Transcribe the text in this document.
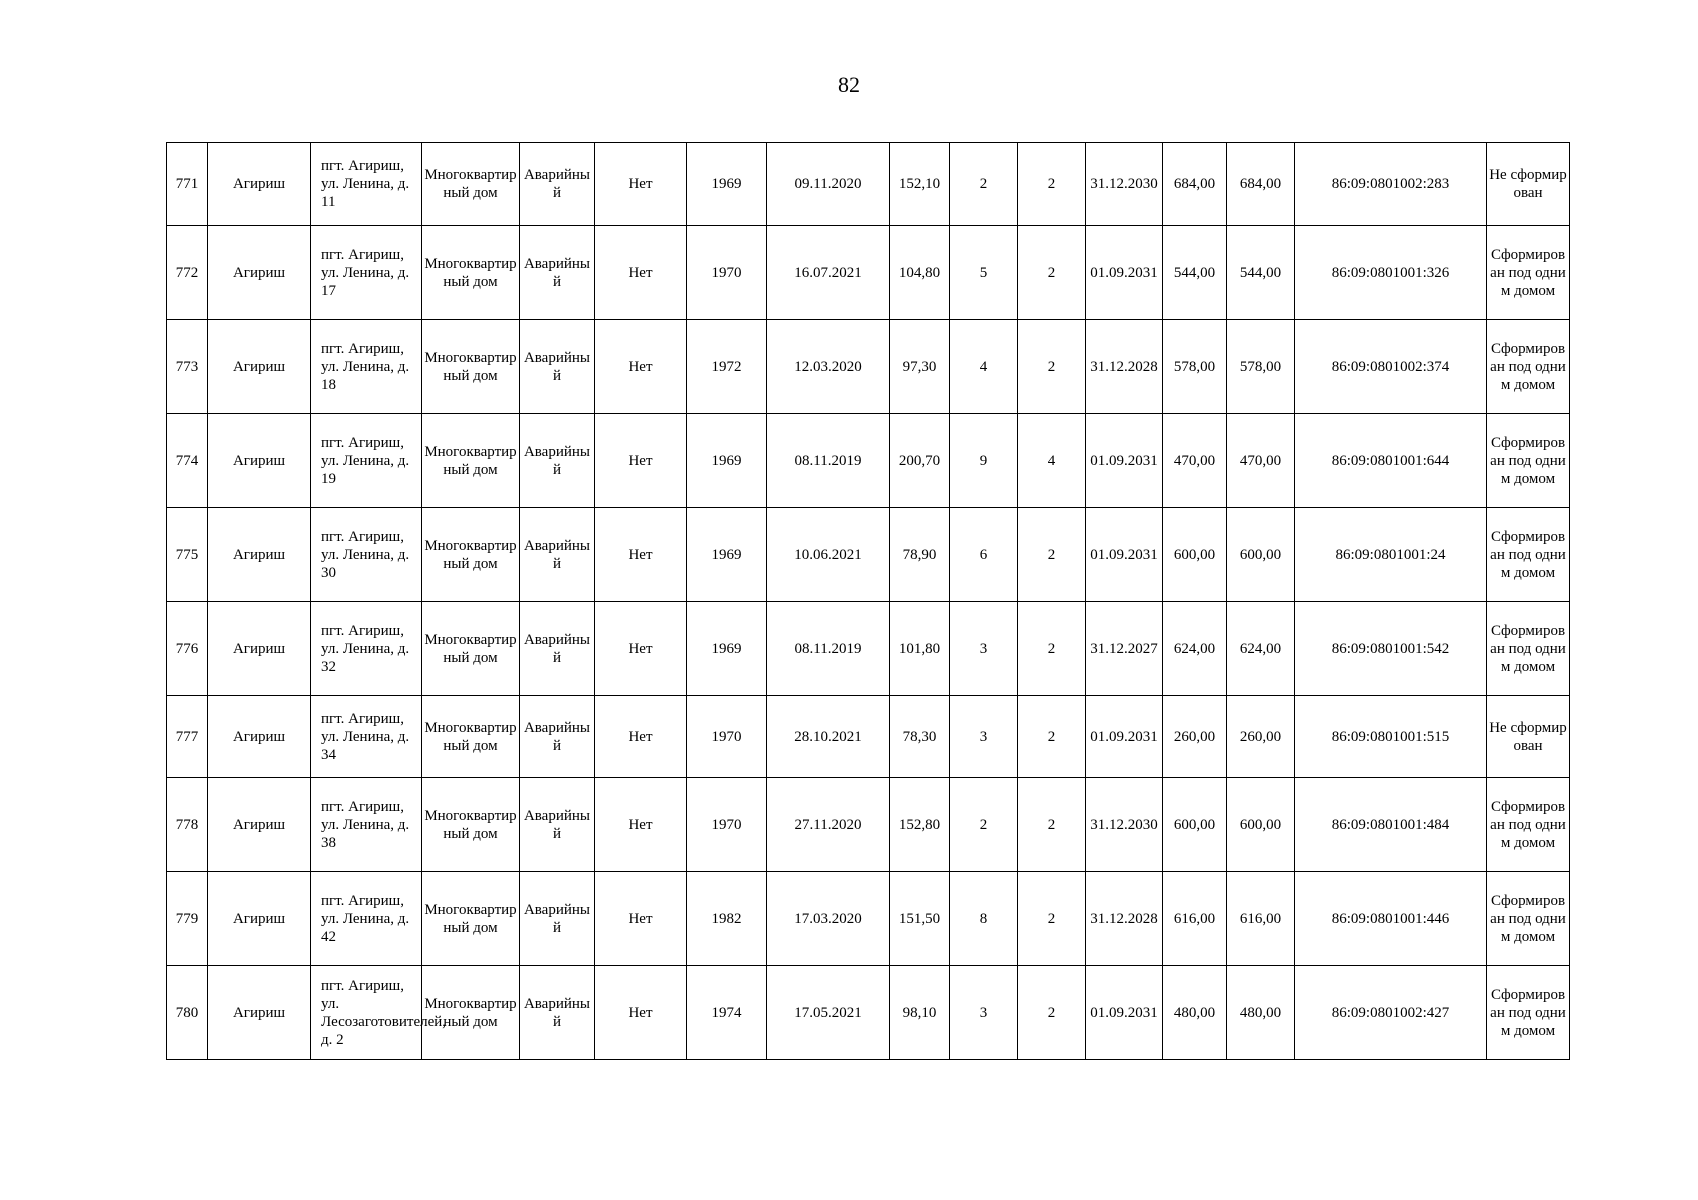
82
771	Агириш	пгт. Агириш, ул. Ленина, д. 11	Многоквартирный дом	Аварийный	Нет	1969	09.11.2020	152,10	2	2	31.12.2030	684,00	684,00	86:09:0801002:283	Не сформирован
772	Агириш	пгт. Агириш, ул. Ленина, д. 17	Многоквартирный дом	Аварийный	Нет	1970	16.07.2021	104,80	5	2	01.09.2031	544,00	544,00	86:09:0801001:326	Сформирован под одним домом
773	Агириш	пгт. Агириш, ул. Ленина, д. 18	Многоквартирный дом	Аварийный	Нет	1972	12.03.2020	97,30	4	2	31.12.2028	578,00	578,00	86:09:0801002:374	Сформирован под одним домом
774	Агириш	пгт. Агириш, ул. Ленина, д. 19	Многоквартирный дом	Аварийный	Нет	1969	08.11.2019	200,70	9	4	01.09.2031	470,00	470,00	86:09:0801001:644	Сформирован под одним домом
775	Агириш	пгт. Агириш, ул. Ленина, д. 30	Многоквартирный дом	Аварийный	Нет	1969	10.06.2021	78,90	6	2	01.09.2031	600,00	600,00	86:09:0801001:24	Сформирован под одним домом
776	Агириш	пгт. Агириш, ул. Ленина, д. 32	Многоквартирный дом	Аварийный	Нет	1969	08.11.2019	101,80	3	2	31.12.2027	624,00	624,00	86:09:0801001:542	Сформирован под одним домом
777	Агириш	пгт. Агириш, ул. Ленина, д. 34	Многоквартирный дом	Аварийный	Нет	1970	28.10.2021	78,30	3	2	01.09.2031	260,00	260,00	86:09:0801001:515	Не сформирован
778	Агириш	пгт. Агириш, ул. Ленина, д. 38	Многоквартирный дом	Аварийный	Нет	1970	27.11.2020	152,80	2	2	31.12.2030	600,00	600,00	86:09:0801001:484	Сформирован под одним домом
779	Агириш	пгт. Агириш, ул. Ленина, д. 42	Многоквартирный дом	Аварийный	Нет	1982	17.03.2020	151,50	8	2	31.12.2028	616,00	616,00	86:09:0801001:446	Сформирован под одним домом
780	Агириш	пгт. Агириш, ул. Лесозаготовителей, д. 2	Многоквартирный дом	Аварийный	Нет	1974	17.05.2021	98,10	3	2	01.09.2031	480,00	480,00	86:09:0801002:427	Сформирован под одним домом
